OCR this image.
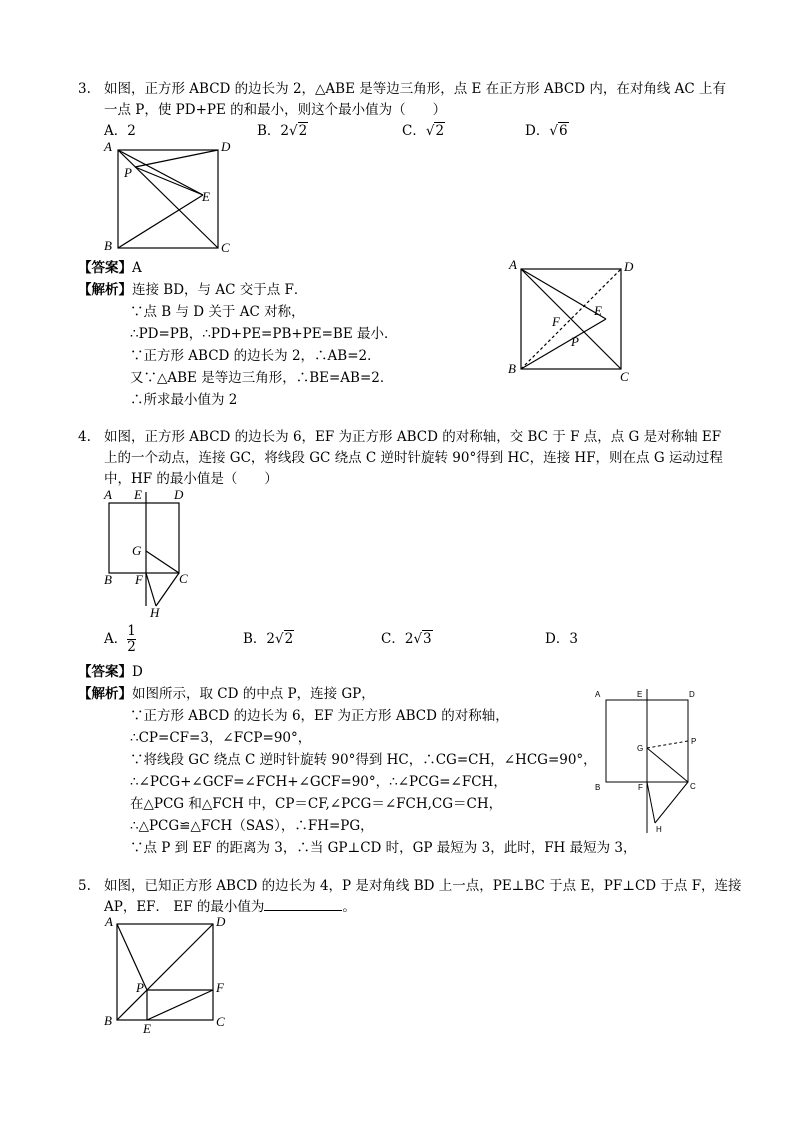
3. 如图，正方形 ABCD 的边长为 2，△ABE 是等边三角形，点 E 在正方形 ABCD 内，在对角线 AC 上有
一点 P，使 PD+PE 的和最小，则这个最小值为（　　）
A．2	B．2√2	C．√2	D．√6
A	D
P
E
B	C
【答案】A
【解析】连接 BD，与 AC 交于点 F．
∵点 B 与 D 关于 AC 对称，
∴PD=PB，∴PD+PE=PB+PE=BE 最小．
∵正方形 ABCD 的边长为 2，∴AB=2．
又∵△ABE 是等边三角形，∴BE=AB=2．
∴所求最小值为 2
A	D
F
E
P
B
C
4. 如图，正方形 ABCD 的边长为 6，EF 为正方形 ABCD 的对称轴，交 BC 于 F 点，点 G 是对称轴 EF
上的一个动点，连接 GC，将线段 GC 绕点 C 逆时针旋转 90°得到 HC，连接 HF，则在点 G 运动过程
中，HF 的最小值是（　　）
A E D
G
B F	C
H
A． $\frac{1}{2}$	B．2√2	C．2√3	D．3
【答案】D
【解析】如图所示，取 CD 的中点 P，连接 GP，
∵正方形 ABCD 的边长为 6，EF 为正方形 ABCD 的对称轴，
∴CP=CF=3，∠FCP=90°，
∵将线段 GC 绕点 C 逆时针旋转 90°得到 HC，∴CG=CH，∠HCG=90°，
∴∠PCG+∠GCF=∠FCH+∠GCF=90°，∴∠PCG=∠FCH，
在△PCG 和△FCH 中，CP＝CF,∠PCG＝∠FCH,CG＝CH，
∴△PCG≌△FCH（SAS），∴FH=PG，
∵点 P 到 EF 的距离为 3，∴当 GP⊥CD 时，GP 最短为 3，此时，FH 最短为 3，
A	E	D
G
P
B	F	C
H
5. 如图，已知正方形 ABCD 的边长为 4，P 是对角线 BD 上一点，PE⊥BC 于点 E，PF⊥CD 于点 F，连接
AP，EF． EF 的最小值为	。
A	D
P	F
B
E	C
